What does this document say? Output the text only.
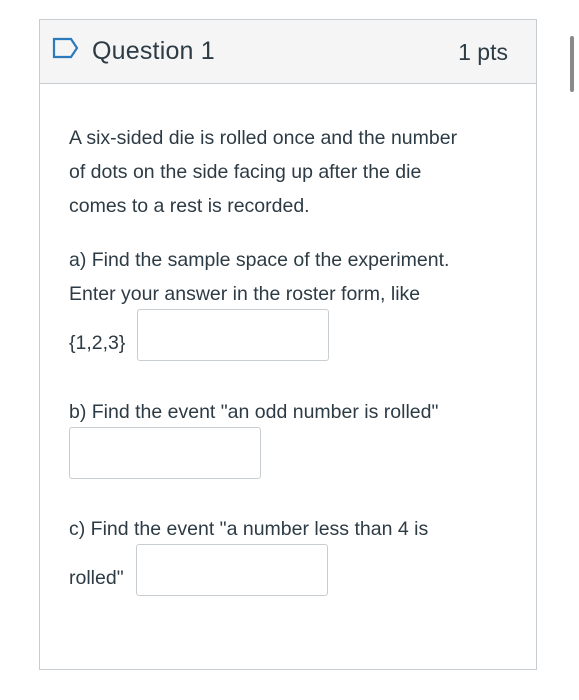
Question 1	1 pts
A six-sided die is rolled once and the number
of dots on the side facing up after the die
comes to a rest is recorded.
a) Find the sample space of the experiment.
Enter your answer in the roster form, like
{1,2,3}
b) Find the event "an odd number is rolled"
c) Find the event "a number less than 4 is
rolled"
